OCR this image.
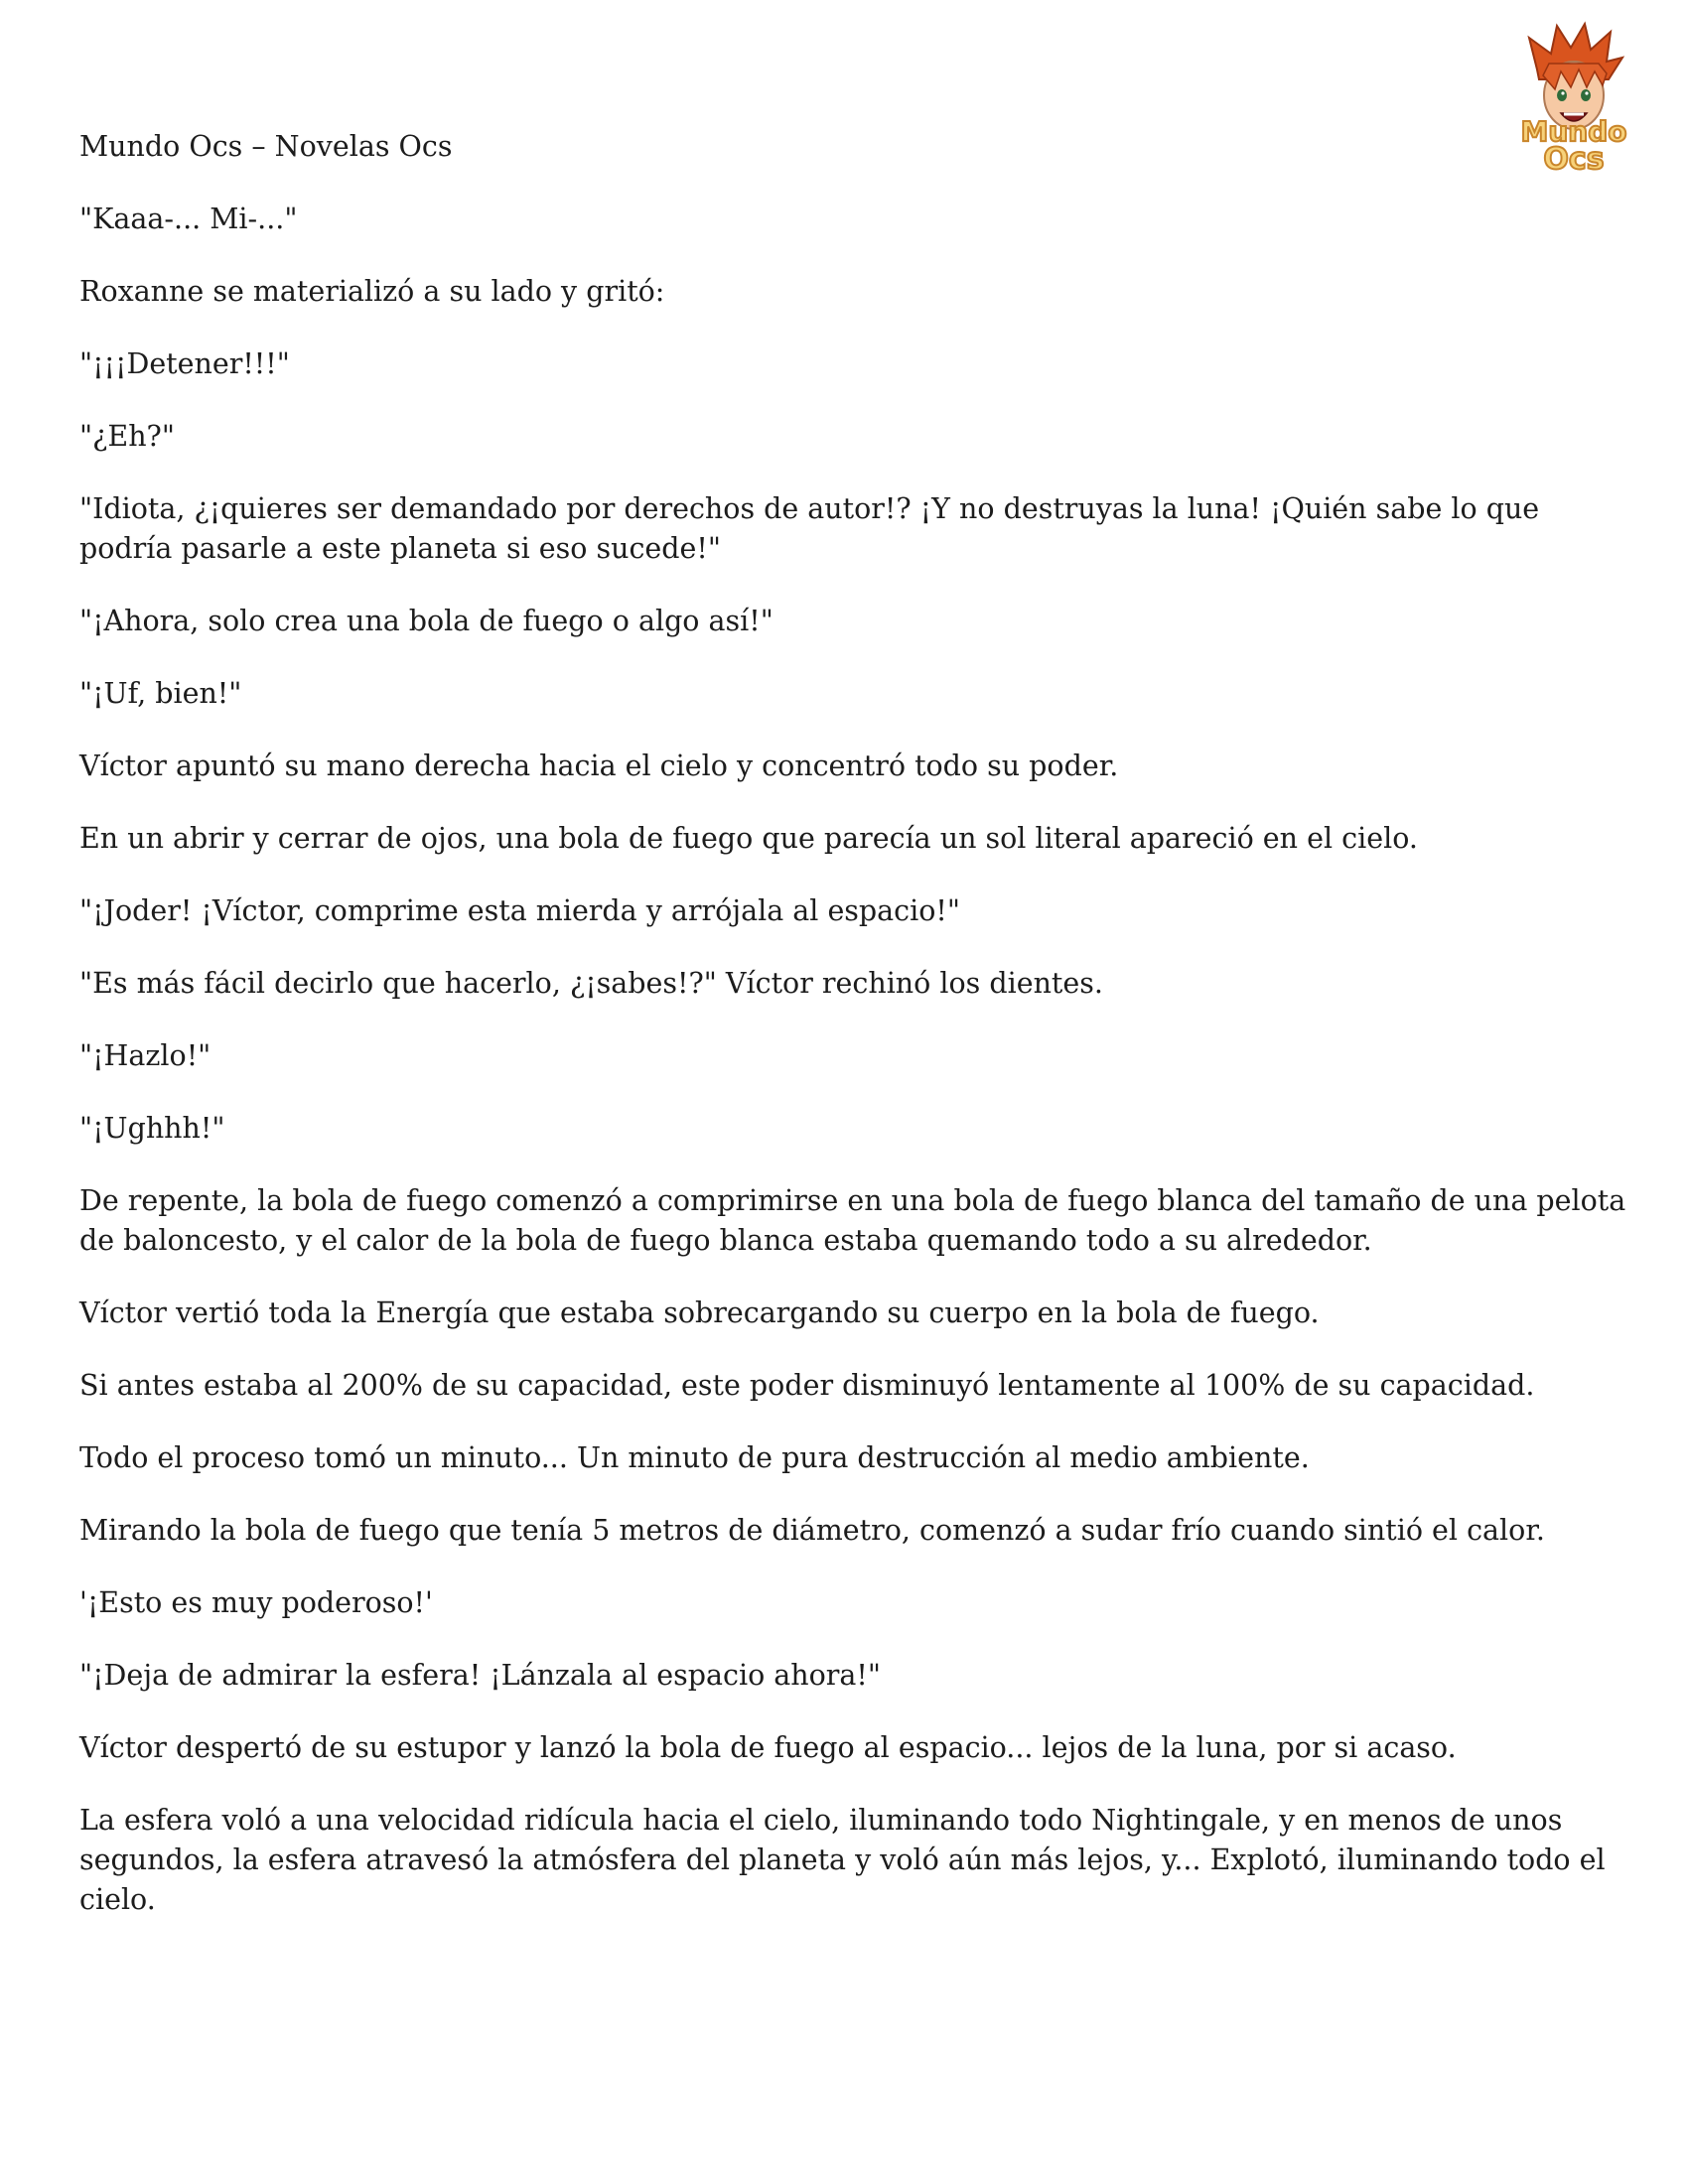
Mundo
Ocs

Mundo Ocs – Novelas Ocs

"Kaaa-... Mi-..."

Roxanne se materializó a su lado y gritó:

"¡¡¡Detener!!!"

"¿Eh?"

"Idiota, ¿¡quieres ser demandado por derechos de autor!? ¡Y no destruyas la luna! ¡Quién sabe lo que podría pasarle a este planeta si eso sucede!"

"¡Ahora, solo crea una bola de fuego o algo así!"

"¡Uf, bien!"

Víctor apuntó su mano derecha hacia el cielo y concentró todo su poder.

En un abrir y cerrar de ojos, una bola de fuego que parecía un sol literal apareció en el cielo.

"¡Joder! ¡Víctor, comprime esta mierda y arrójala al espacio!"

"Es más fácil decirlo que hacerlo, ¿¡sabes!?" Víctor rechinó los dientes.

"¡Hazlo!"

"¡Ughhh!"

De repente, la bola de fuego comenzó a comprimirse en una bola de fuego blanca del tamaño de una pelota de baloncesto, y el calor de la bola de fuego blanca estaba quemando todo a su alrededor.

Víctor vertió toda la Energía que estaba sobrecargando su cuerpo en la bola de fuego.

Si antes estaba al 200% de su capacidad, este poder disminuyó lentamente al 100% de su capacidad.

Todo el proceso tomó un minuto... Un minuto de pura destrucción al medio ambiente.

Mirando la bola de fuego que tenía 5 metros de diámetro, comenzó a sudar frío cuando sintió el calor.

'¡Esto es muy poderoso!'

"¡Deja de admirar la esfera! ¡Lánzala al espacio ahora!"

Víctor despertó de su estupor y lanzó la bola de fuego al espacio... lejos de la luna, por si acaso.

La esfera voló a una velocidad ridícula hacia el cielo, iluminando todo Nightingale, y en menos de unos segundos, la esfera atravesó la atmósfera del planeta y voló aún más lejos, y... Explotó, iluminando todo el cielo.
